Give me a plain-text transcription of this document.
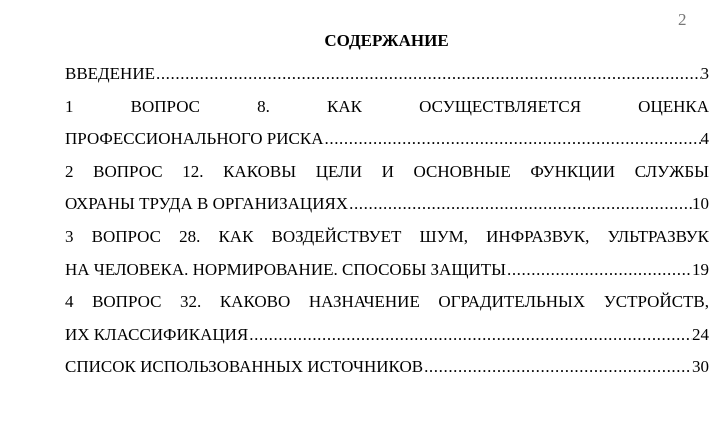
2
СОДЕРЖАНИЕ
ВВЕДЕНИЕ .....	3
1 ВОПРОС 8. КАК ОСУЩЕСТВЛЯЕТСЯ ОЦЕНКА
ПРОФЕССИОНАЛЬНОГО РИСКА .....	4
2 ВОПРОС 12. КАКОВЫ ЦЕЛИ И ОСНОВНЫЕ ФУНКЦИИ СЛУЖБЫ
ОХРАНЫ ТРУДА В ОРГАНИЗАЦИЯХ .....	10
3 ВОПРОС 28. КАК ВОЗДЕЙСТВУЕТ ШУМ, ИНФРАЗВУК, УЛЬТРАЗВУК
НА ЧЕЛОВЕКА. НОРМИРОВАНИЕ. СПОСОБЫ ЗАЩИТЫ .....	19
4 ВОПРОС 32. КАКОВО НАЗНАЧЕНИЕ ОГРАДИТЕЛЬНЫХ УСТРОЙСТВ,
ИХ КЛАССИФИКАЦИЯ .....	24
СПИСОК ИСПОЛЬЗОВАННЫХ ИСТОЧНИКОВ .....	30
